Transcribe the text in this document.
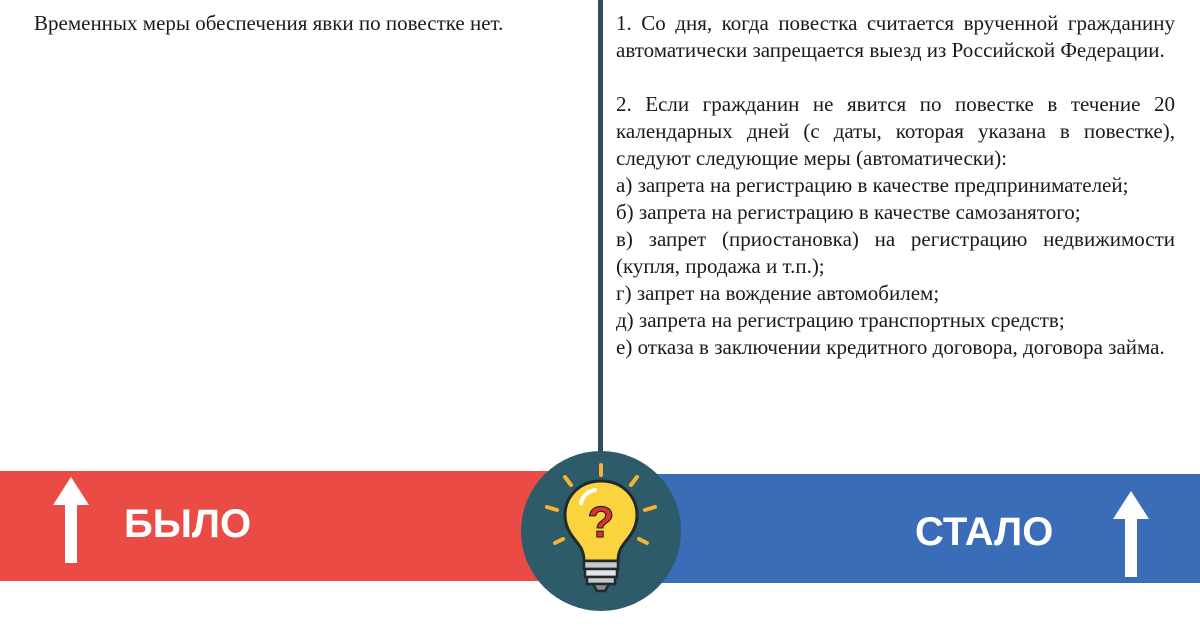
Временных меры обеспечения явки по повестке нет.	1. Со дня, когда повестка считается врученной гражданину автоматически запрещается выезд из Российской Федерации.

2. Если гражданин не явится по повестке в течение 20 календарных дней (с даты, которая указана в повестке), следуют следующие меры (автоматически):

а) запрета на регистрацию в качестве предпринимателей;

б) запрета на регистрацию в качестве самозанятого;

в) запрет (приостановка) на регистрацию недвижимости (купля, продажа и т.п.);

г) запрет на вождение автомобилем;

д) запрета на регистрацию транспортных средств;

е) отказа в заключении кредитного договора, договора займа.

БЫЛО	СТАЛО
?
